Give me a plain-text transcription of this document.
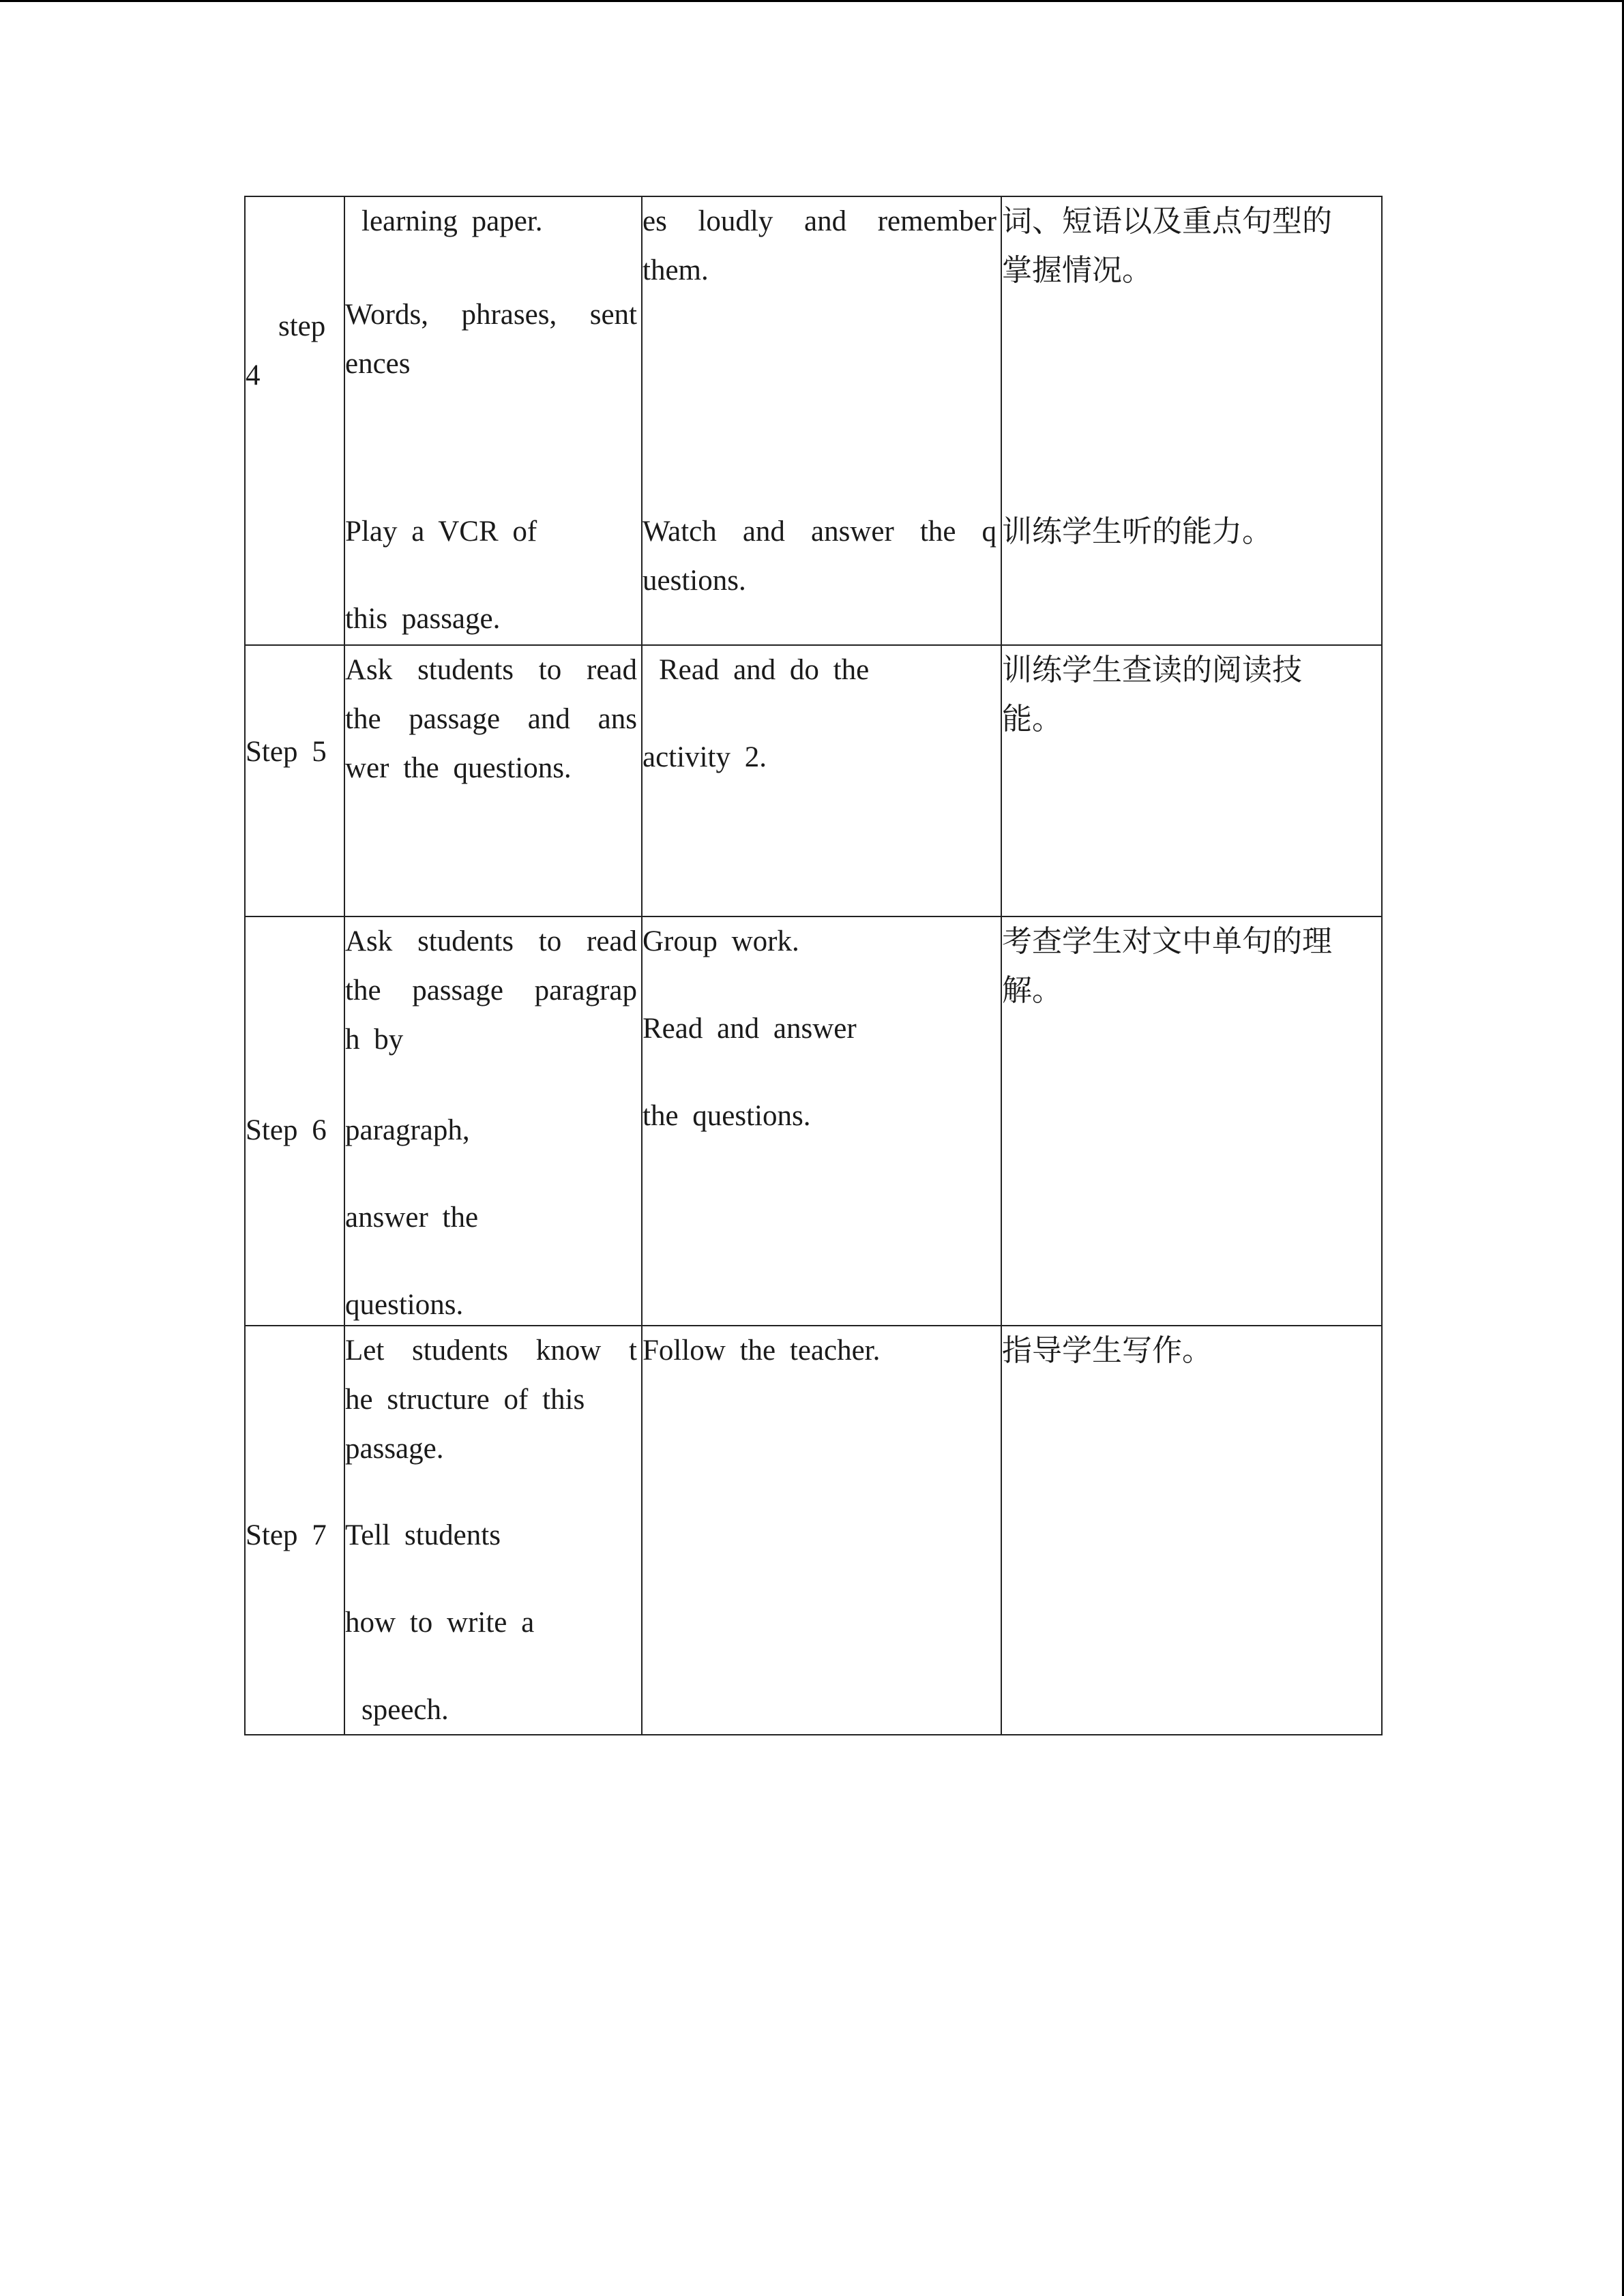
step
4
learning paper.
Words, phrases, sent
ences
Play a VCR of
this passage.
es loudly and remember
them.
Watch and answer the q
uestions.
词、短语以及重点句型的
掌握情况。
训练学生听的能力。
Step 5
Ask students to read
the passage and ans
wer the questions.
Read and do the
activity 2.
训练学生查读的阅读技
能。
Step 6
Ask students to read
the passage paragrap
h by
paragraph,
answer the
questions.
Group work.
Read and answer
the questions.
考查学生对文中单句的理
解。
Step 7
Let students know t
he structure of this
passage.
Tell students
how to write a
speech.
Follow the teacher.	指导学生写作。
